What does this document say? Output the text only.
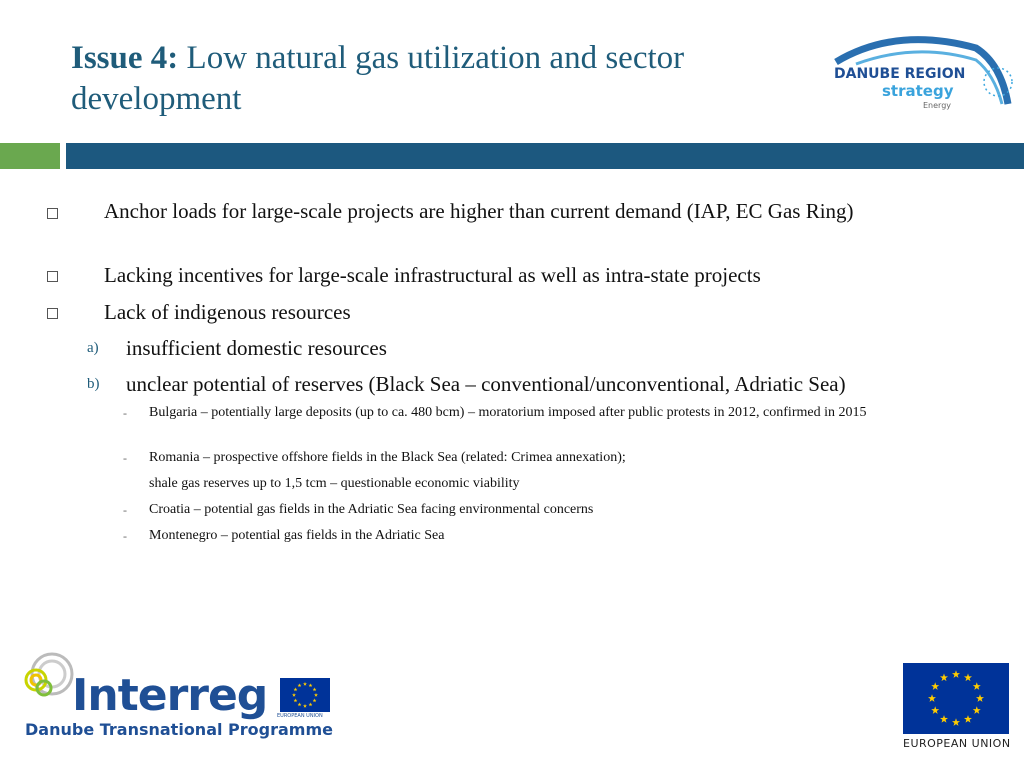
Issue 4: Low natural gas utilization and sector development
DANUBE REGION
strategy
Energy
Anchor loads for large-scale projects are higher than current demand (IAP, EC Gas Ring)
Lacking incentives for large-scale infrastructural as well as intra-state projects
Lack of indigenous resources
a) insufficient domestic resources
b) unclear potential of reserves (Black Sea – conventional/unconventional, Adriatic Sea)
- Bulgaria – potentially large deposits (up to ca. 480 bcm) – moratorium imposed after public protests in 2012, confirmed in 2015
- Romania – prospective offshore fields in the Black Sea (related: Crimea annexation);
shale gas reserves up to 1,5 tcm – questionable economic viability
- Croatia – potential gas fields in the Adriatic Sea facing environmental concerns
- Montenegro – potential gas fields in the Adriatic Sea
Interreg EUROPEAN UNION
Danube Transnational Programme
EUROPEAN UNION
